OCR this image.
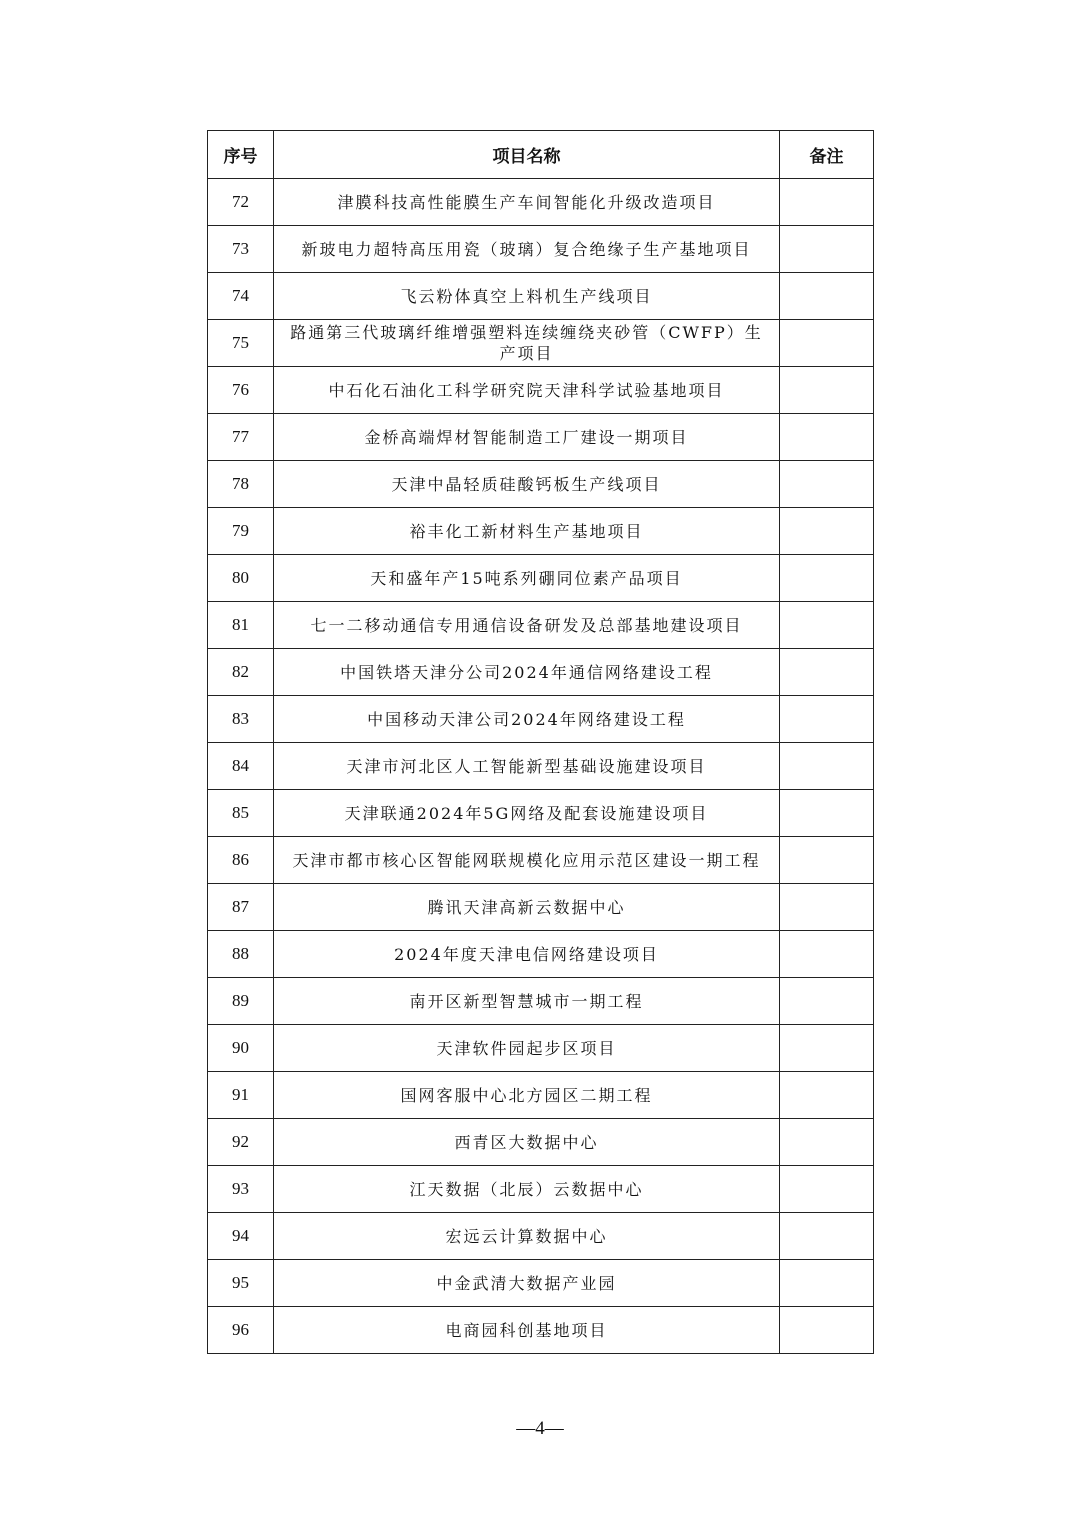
序号	项目名称	备注
72	津膜科技高性能膜生产车间智能化升级改造项目	
73	新玻电力超特高压用瓷（玻璃）复合绝缘子生产基地项目	
74	飞云粉体真空上料机生产线项目	
75	路通第三代玻璃纤维增强塑料连续缠绕夹砂管（CWFP）生产项目	
76	中石化石油化工科学研究院天津科学试验基地项目	
77	金桥高端焊材智能制造工厂建设一期项目	
78	天津中晶轻质硅酸钙板生产线项目	
79	裕丰化工新材料生产基地项目	
80	天和盛年产15吨系列硼同位素产品项目	
81	七一二移动通信专用通信设备研发及总部基地建设项目	
82	中国铁塔天津分公司2024年通信网络建设工程	
83	中国移动天津公司2024年网络建设工程	
84	天津市河北区人工智能新型基础设施建设项目	
85	天津联通2024年5G网络及配套设施建设项目	
86	天津市都市核心区智能网联规模化应用示范区建设一期工程	
87	腾讯天津高新云数据中心	
88	2024年度天津电信网络建设项目	
89	南开区新型智慧城市一期工程	
90	天津软件园起步区项目	
91	国网客服中心北方园区二期工程	
92	西青区大数据中心	
93	江天数据（北辰）云数据中心	
94	宏远云计算数据中心	
95	中金武清大数据产业园	
96	电商园科创基地项目	
—4—
